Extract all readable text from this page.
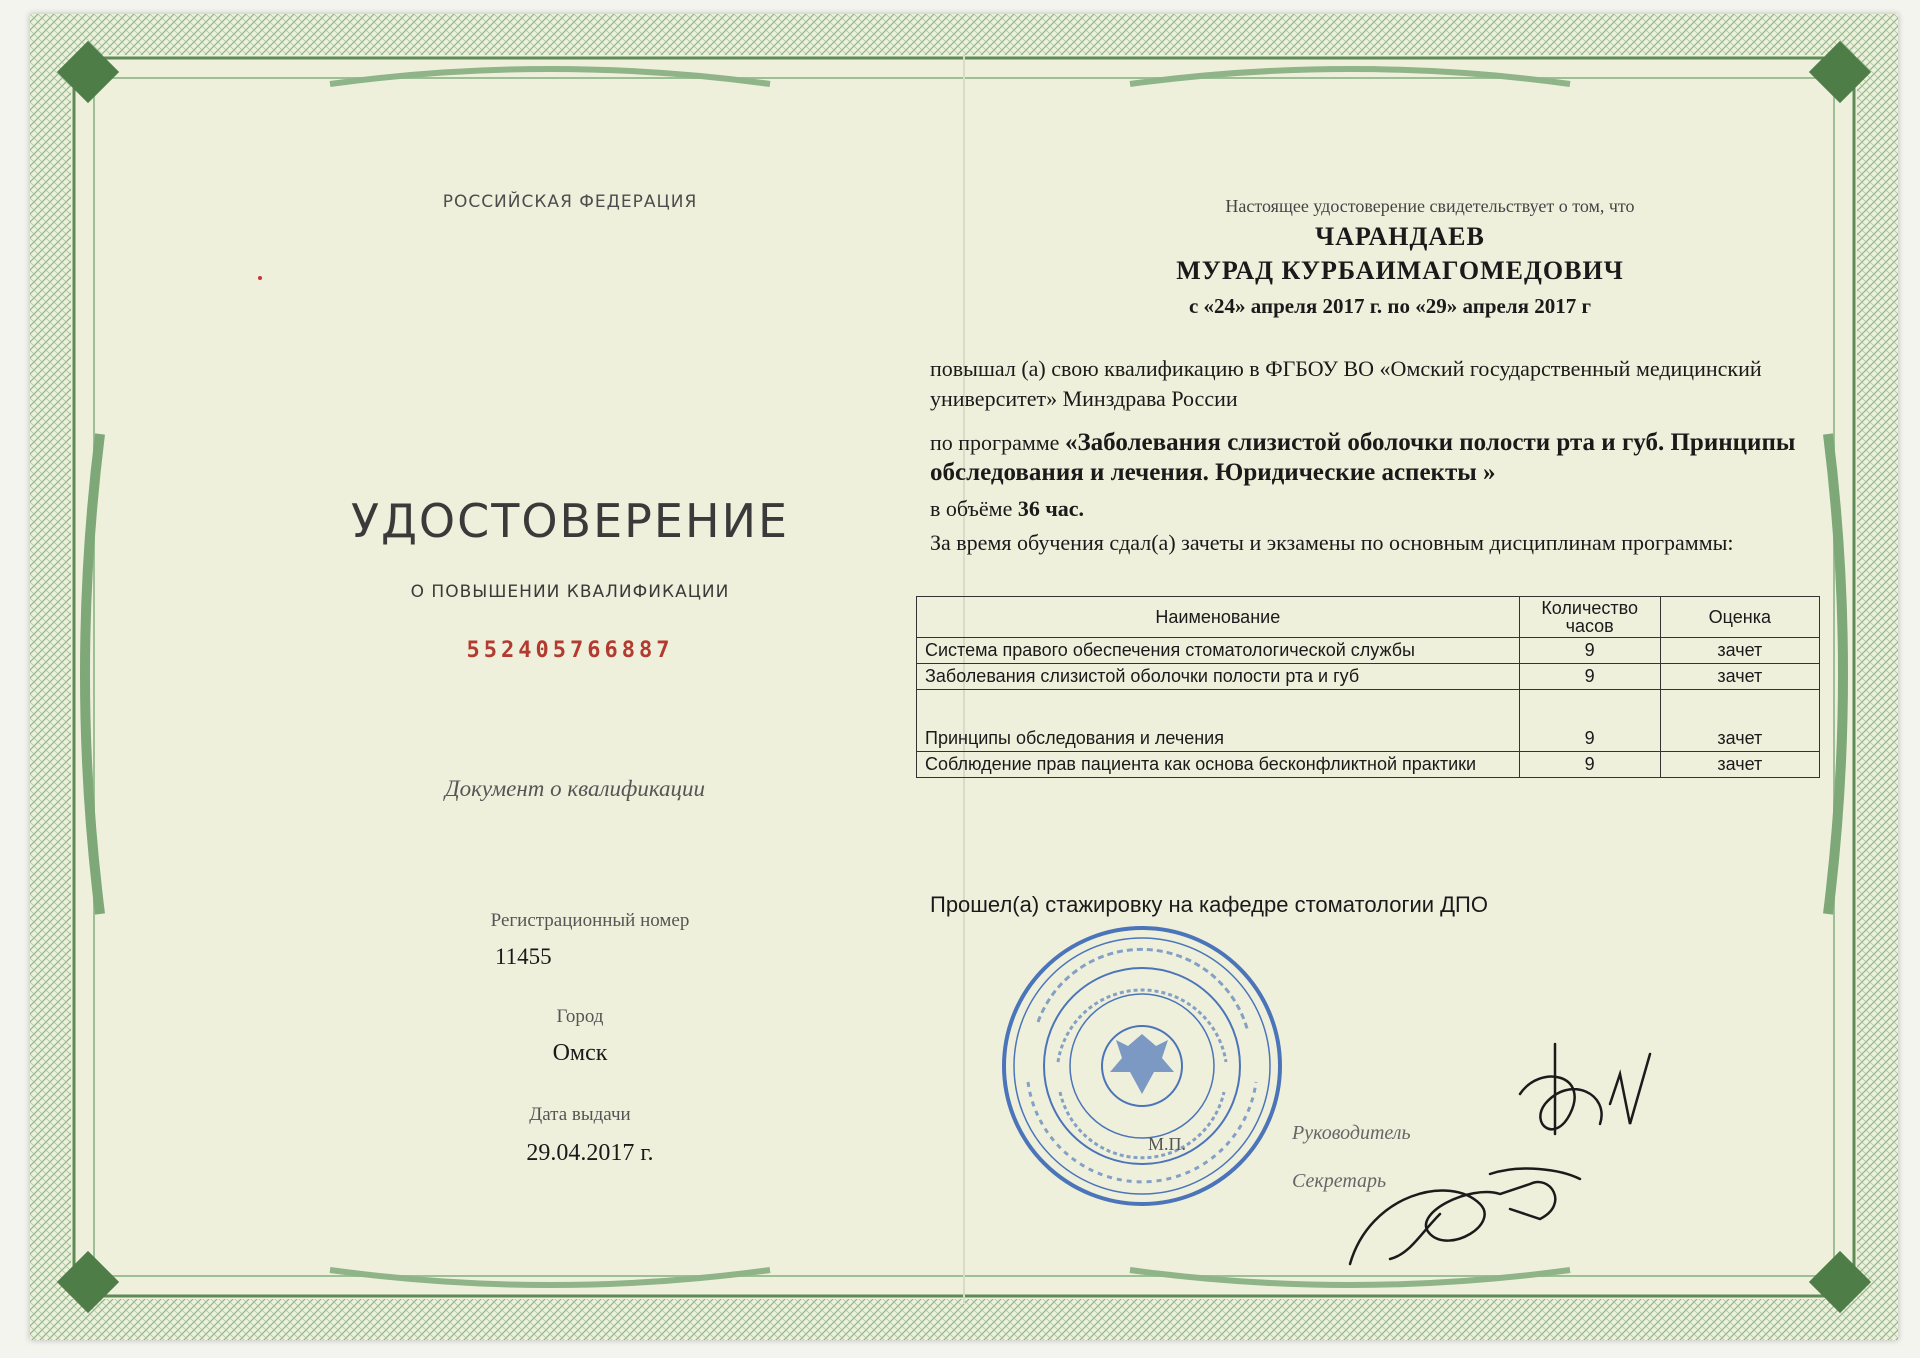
РОССИЙСКАЯ ФЕДЕРАЦИЯ

УДОСТОВЕРЕНИЕ

О ПОВЫШЕНИИ КВАЛИФИКАЦИИ

552405766887

Документ о квалификации

Регистрационный номер

11455

Город

Омск

Дата выдачи

29.04.2017 г.

Настоящее удостоверение свидетельствует о том, что

ЧАРАНДАЕВ

МУРАД КУРБАИМАГОМЕДОВИЧ

с «24» апреля 2017 г. по «29» апреля 2017 г

повышал (а) свою квалификацию в ФГБОУ ВО «Омский государственный медицинский университет» Минздрава России

по программе «Заболевания слизистой оболочки полости рта и губ. Принципы обследования и лечения. Юридические аспекты »

в объёме 36 час.

За время обучения сдал(а) зачеты и экзамены по основным дисциплинам программы:

Наименование	Количество часов	Оценка
Система правого обеспечения стоматологической службы	9	зачет
Заболевания слизистой оболочки полости рта и губ	9	зачет
Принципы обследования и лечения	9	зачет
Соблюдение прав пациента как основа бесконфликтной практики	9	зачет

Прошел(а) стажировку на кафедре стоматологии ДПО

М.П.	Руководитель

Секретарь
